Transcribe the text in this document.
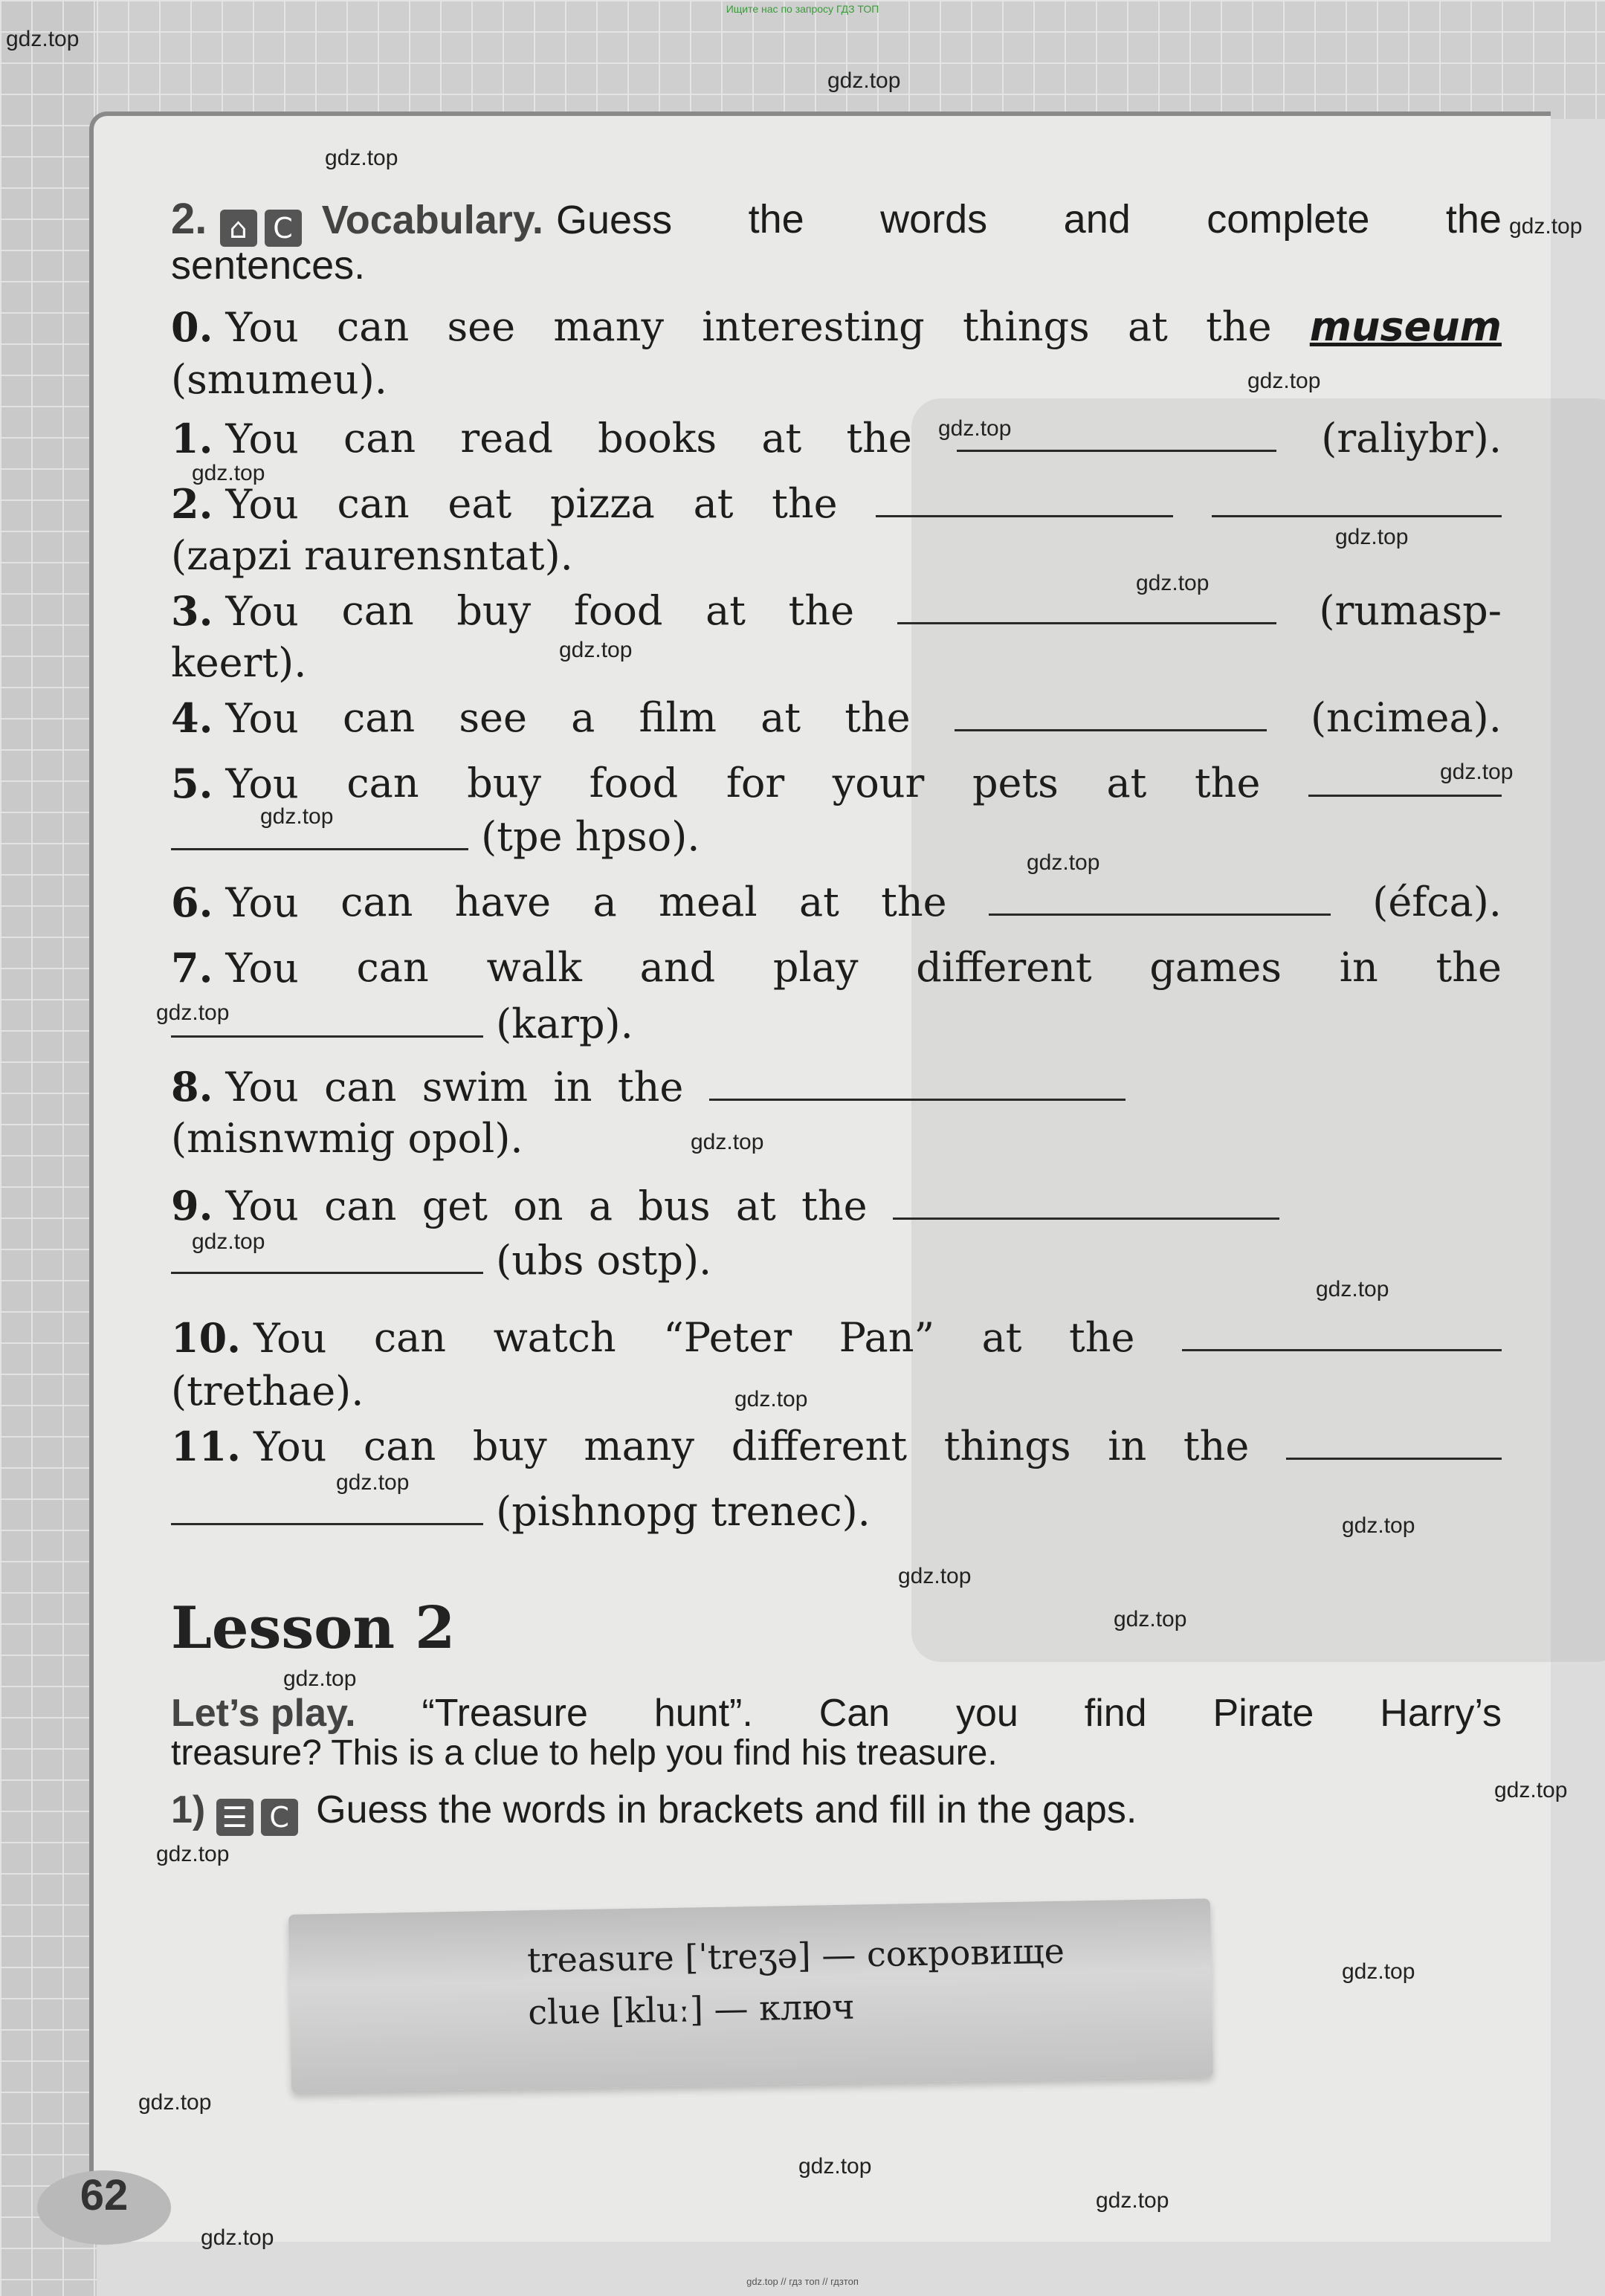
Ищите нас по запросу ГДЗ ТОП
gdz.top
gdz.top
gdz.top
gdz.top
gdz.top
gdz.top
gdz.top
gdz.top
gdz.top
gdz.top
gdz.top
gdz.top
gdz.top
gdz.top
gdz.top
gdz.top
gdz.top
gdz.top
gdz.top
gdz.top
gdz.top
gdz.top
gdz.top
gdz.top
gdz.top
gdz.top
gdz.top
gdz.top
gdz.top
gdz.top
2. ⌂ C Vocabulary. Guess the words and complete the
sentences.
0. You can see many interesting things at the museum
(smumeu).
1. You can read books at the	(raliybr).
2. You can eat pizza at the
(zapzi raurensntat).
3. You can buy food at the	(rumasp-
keert).
4. You can see a film at the	(ncimea).
5. You can buy food for your pets at the
(tpe hpso).
6. You can have a meal at the	(éfca).
7. You can walk and play different games in the
(karp).
8. You can swim in the
(misnwmig opol).
9. You can get on a bus at the
(ubs ostp).
10. You can watch “Peter Pan” at the
(trethae).
11. You can buy many different things in the
(pishnopg trenec).
Lesson 2
Let’s play. “Treasure hunt”. Can you find Pirate Harry’s
treasure? This is a clue to help you find his treasure.
1) ☰ C Guess the words in brackets and fill in the gaps.
treasure [ˈtreʒə] — сокровище
clue [kluː] — ключ
62
gdz.top // гдз топ // гдзтоп
